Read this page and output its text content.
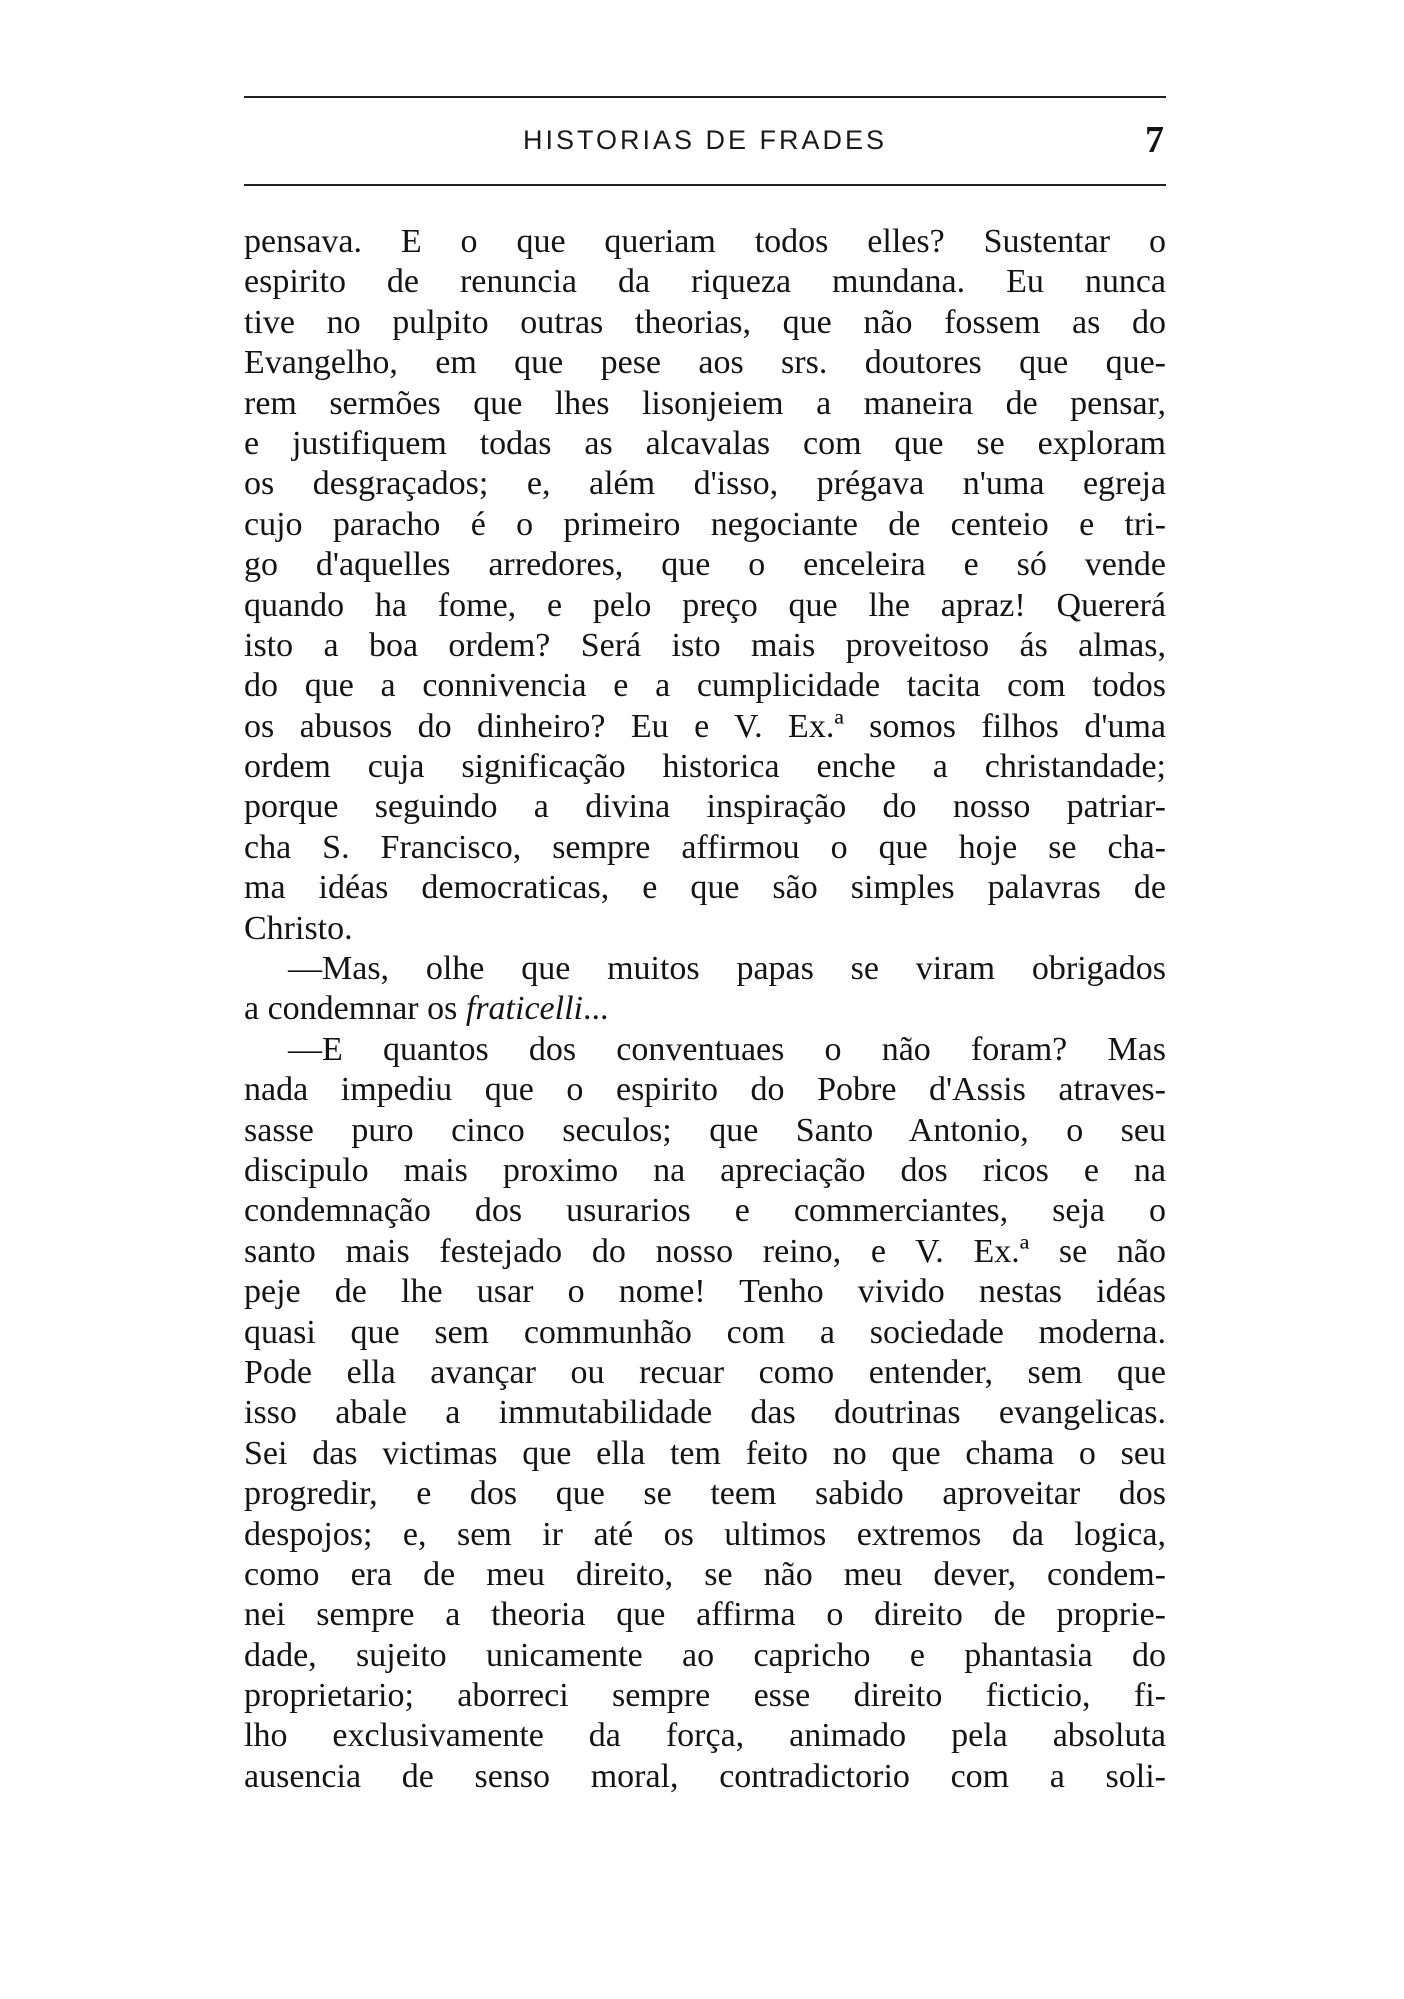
HISTORIAS DE FRADES	7
pensava. E o que queriam todos elles? Sustentar o
espirito de renuncia da riqueza mundana. Eu nunca
tive no pulpito outras theorias, que não fossem as do
Evangelho, em que pese aos srs. doutores que que-
rem sermões que lhes lisonjeiem a maneira de pensar,
e justifiquem todas as alcavalas com que se exploram
os desgraçados; e, além d'isso, prégava n'uma egreja
cujo paracho é o primeiro negociante de centeio e tri-
go d'aquelles arredores, que o enceleira e só vende
quando ha fome, e pelo preço que lhe apraz! Quererá
isto a boa ordem? Será isto mais proveitoso ás almas,
do que a connivencia e a cumplicidade tacita com todos
os abusos do dinheiro? Eu e V. Ex.ª somos filhos d'uma
ordem cuja significação historica enche a christandade;
porque seguindo a divina inspiração do nosso patriar-
cha S. Francisco, sempre affirmou o que hoje se cha-
ma idéas democraticas, e que são simples palavras de
Christo.
—Mas, olhe que muitos papas se viram obrigados
a condemnar os fraticelli...
—E quantos dos conventuaes o não foram? Mas
nada impediu que o espirito do Pobre d'Assis atraves-
sasse puro cinco seculos; que Santo Antonio, o seu
discipulo mais proximo na apreciação dos ricos e na
condemnação dos usurarios e commerciantes, seja o
santo mais festejado do nosso reino, e V. Ex.ª se não
peje de lhe usar o nome! Tenho vivido nestas idéas
quasi que sem communhão com a sociedade moderna.
Pode ella avançar ou recuar como entender, sem que
isso abale a immutabilidade das doutrinas evangelicas.
Sei das victimas que ella tem feito no que chama o seu
progredir, e dos que se teem sabido aproveitar dos
despojos; e, sem ir até os ultimos extremos da logica,
como era de meu direito, se não meu dever, condem-
nei sempre a theoria que affirma o direito de proprie-
dade, sujeito unicamente ao capricho e phantasia do
proprietario; aborreci sempre esse direito ficticio, fi-
lho exclusivamente da força, animado pela absoluta
ausencia de senso moral, contradictorio com a soli-
